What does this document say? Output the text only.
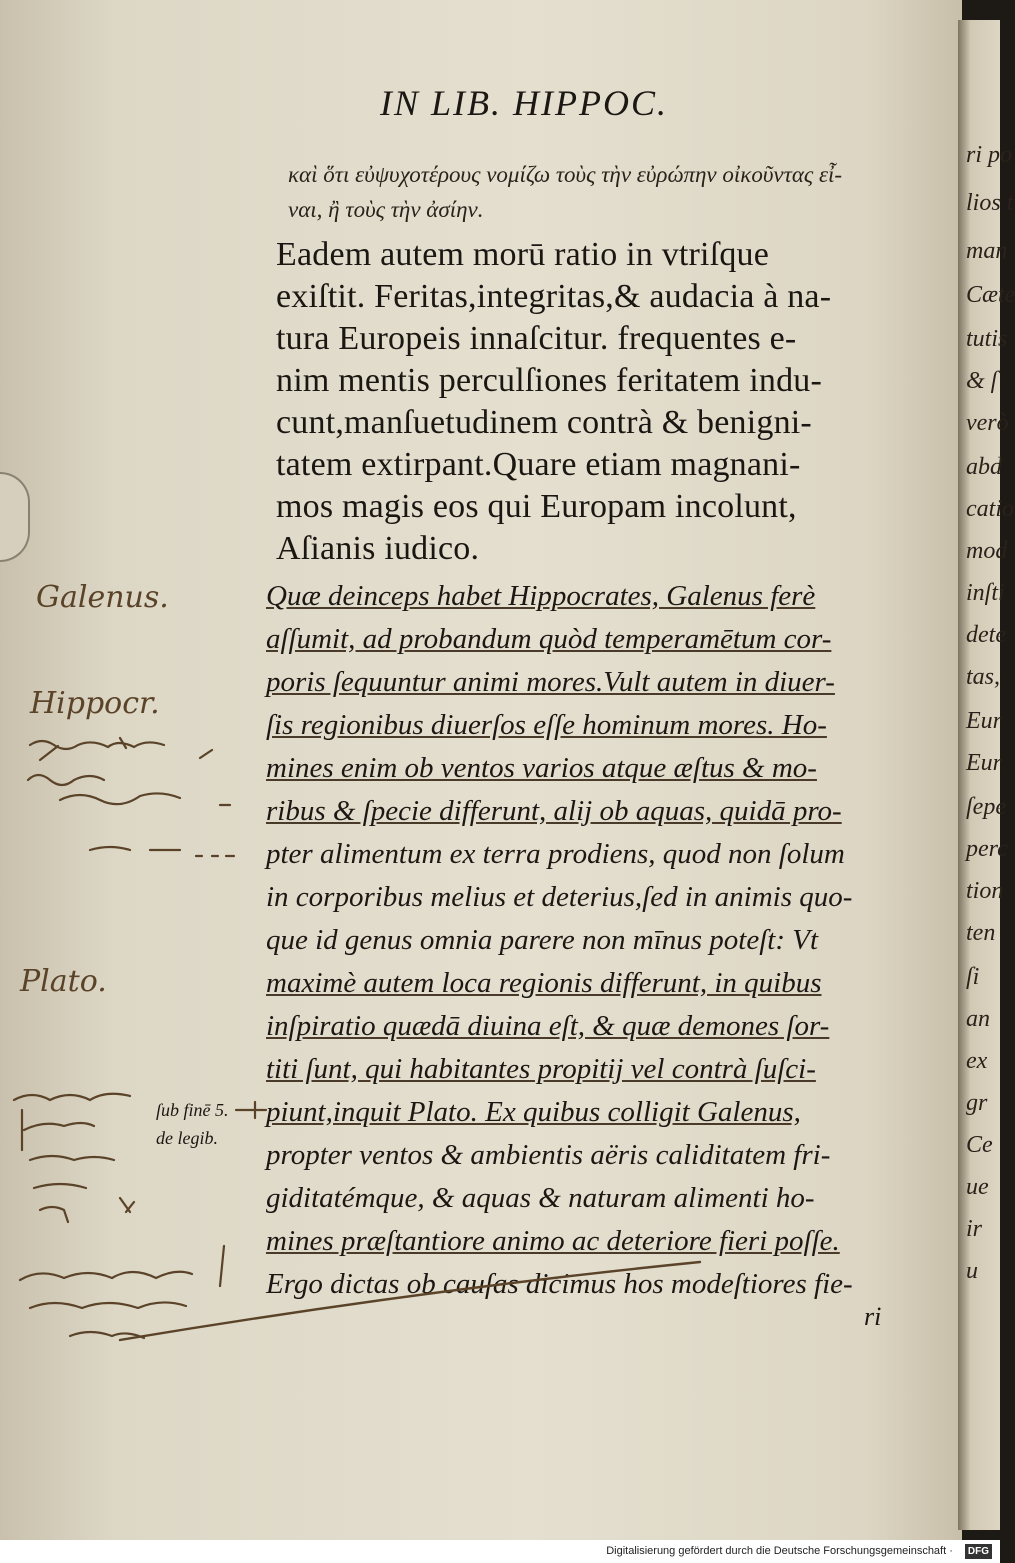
IN LIB. HIPPOC.
καὶ ὅτι εὐψυχοτέρους νομίζω τοὺς τὴν εὐρώπην οἰκοῦντας εἶ-
ναι, ἢ τοὺς τὴν ἀσίην.
Eadem autem morū ratio in vtriſque
exiſtit. Feritas,integritas,& audacia à na-
tura Europeis innaſcitur. frequentes e-
nim mentis perculſiones feritatem indu-
cunt,manſuetudinem contrà & benigni-
tatem extirpant.Quare etiam magnani-
mos magis eos qui Europam incolunt,
Aſianis iudico.
Quæ deinceps habet Hippocrates, Galenus ferè
aſſumit, ad probandum quòd temperamētum cor-
poris ſequuntur animi mores.Vult autem in diuer-
ſis regionibus diuerſos eſſe hominum mores. Ho-
mines enim ob ventos varios atque æſtus & mo-
ribus & ſpecie differunt, alij ob aquas, quidā pro-
pter alimentum ex terra prodiens, quod non ſolum
in corporibus melius et deterius,ſed in animis quo-
que id genus omnia parere non mīnus poteſt: Vt
maximè autem loca regionis differunt, in quibus
inſpiratio quædā diuina eſt, & quæ demones ſor-
titi ſunt, qui habitantes propitij vel contrà ſuſci-
piunt,inquit Plato. Ex quibus colligit Galenus,
propter ventos & ambientis aëris caliditatem fri-
giditatémque, & aquas & naturam alimenti ho-
mines præſtantiore animo ac deteriore fieri poſſe.
Ergo dictas ob cauſas dicimus hos modeſtiores fie-
ri
ſub finē 5.
de legib.
Galenus.
Hippocr.
Plato.
ri po
lios t
man
Cæte
tutis
& ſ
verò
abd
catio
mod
inſti
dete
tas,
Eur
Eur
ſepe
perc
tion
ten
ſi
an
ex
gr
Ce
ue
ir
u
Digitalisierung gefördert durch die Deutsche Forschungsgemeinschaft · DFG
